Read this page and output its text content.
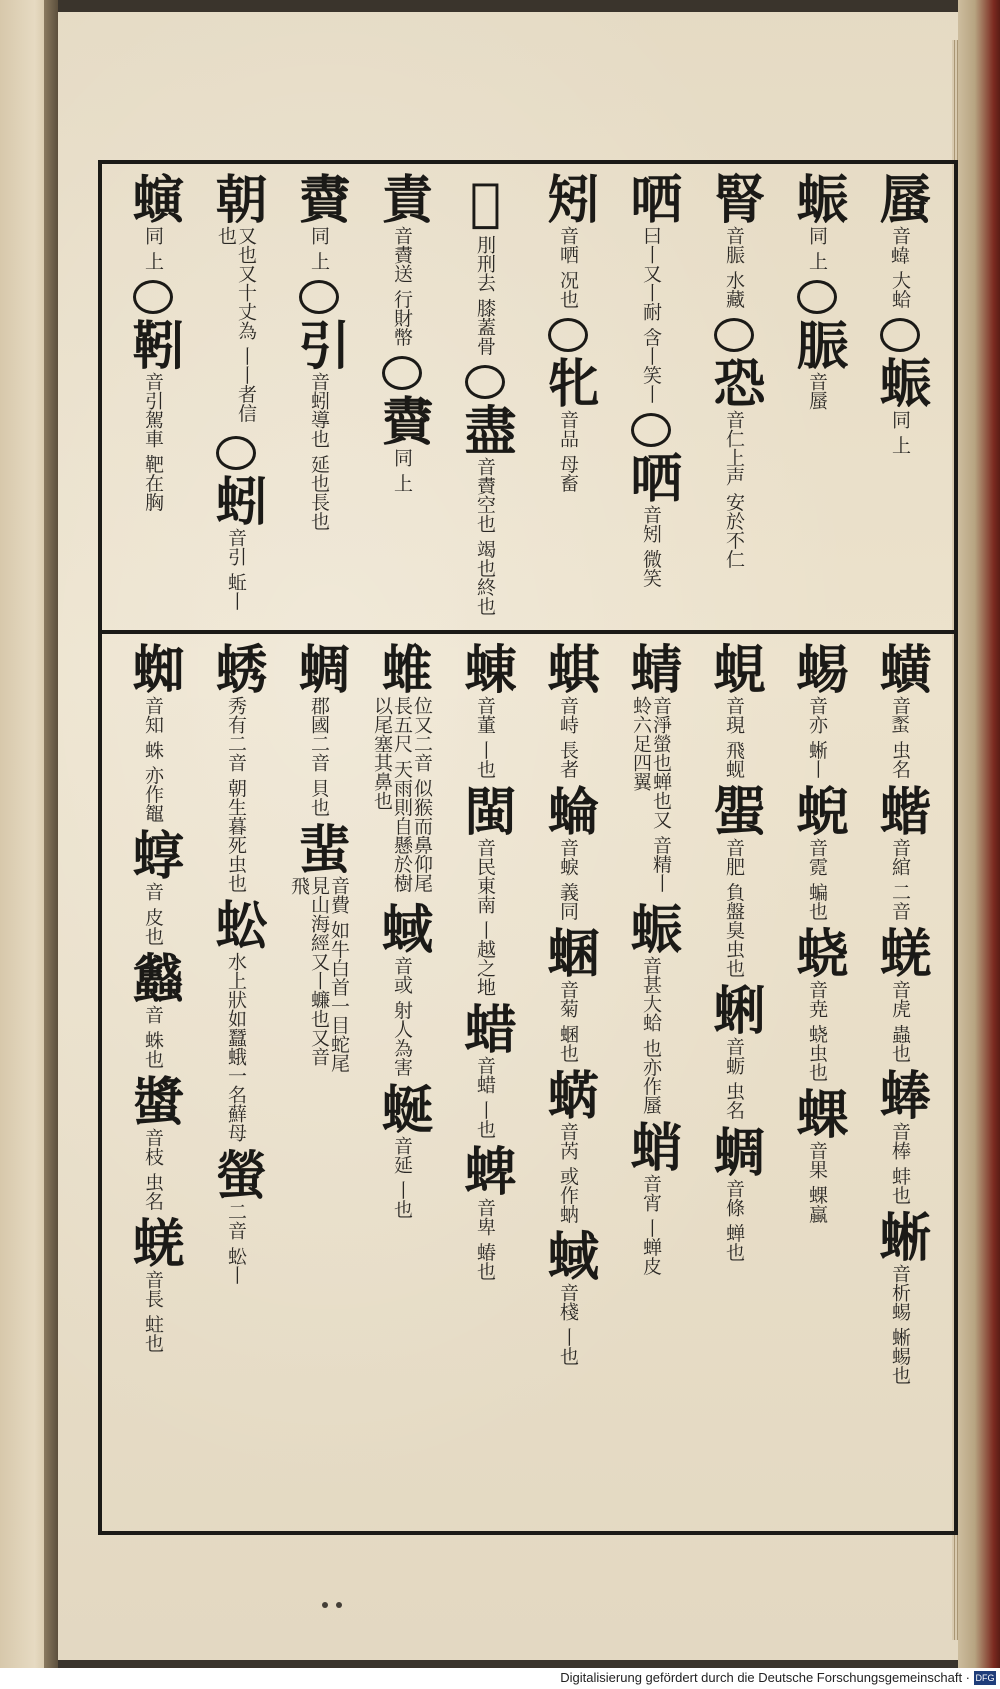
蜃
音𧍫 大蛤
蜄
同 上
蜄
同 上
脤
音蜃
腎
音脤 水藏
恐
音仁上声 安於不仁
哂
曰丨又丨耐 含丨笑丨
哂
音矧 微笑
矧
音哂 况也
牝
音品 母畜
𧶼
刖刑去 膝蓋骨
盡
音賮空也 竭也終也
責
音賮送 行財幣
賮
同 上
賮
同 上
引
音蚓導也 延也長也
朝
又也又十丈為 丨丨者信也
蚓
音引 蚯丨
螾
同 上
靷
音引駕車 靶在胸
蟥
音𧋠 虫名
蝔
音綰 二音
蜣
音虎 蟲也
蜯
音棒 蚌也
蜥
音析蜴 蜥蜴也
蜴
音亦 蜥丨
蜺
音霓 蝙也
蛲
音尭 蛲虫也
蜾
音果 蜾蠃
蜆
音現 飛蚬
蜰
音肥 負盤臭虫也
蜊
音蛎 虫名
蜩
音條 蝉也
蜻
音淨螢也蝉也又 音精丨蛉六足四翼
蜄
音甚大蛤 也亦作蜃
蛸
音宵 丨蝉皮
蜞
音峙 長者
蜦
音蜧 義同
蜠
音菊 蜠也
蜹
音芮 或作蚋
蜮
音棧 丨也
蝀
音董 丨也
閩
音民東南 丨越之地
蜡
音蜡 丨也
蜱
音卑 蝽也
蜼
位又二音 似猴而鼻仰尾長五尺 天雨則自懸於樹以尾塞其鼻也
蜮
音或 射人為害
蜒
音延 丨也
蜩
郡國二音 貝也
蜚
音費 如牛白首一目蛇尾 見山海經又丨蠊也又音飛
蜏
秀有二音 朝生暮死虫也
蚣
水上狀如蠶蛾一名蘚母
螢
二音 蚣丨
蜘
音知 蛛 亦作鼅
蜳
音 皮也
蠽
音 蛛也
螿
音枝 虫名
蜣
音長 蛀也
Digitalisierung gefördert durch die Deutsche Forschungsgemeinschaft · DFG
